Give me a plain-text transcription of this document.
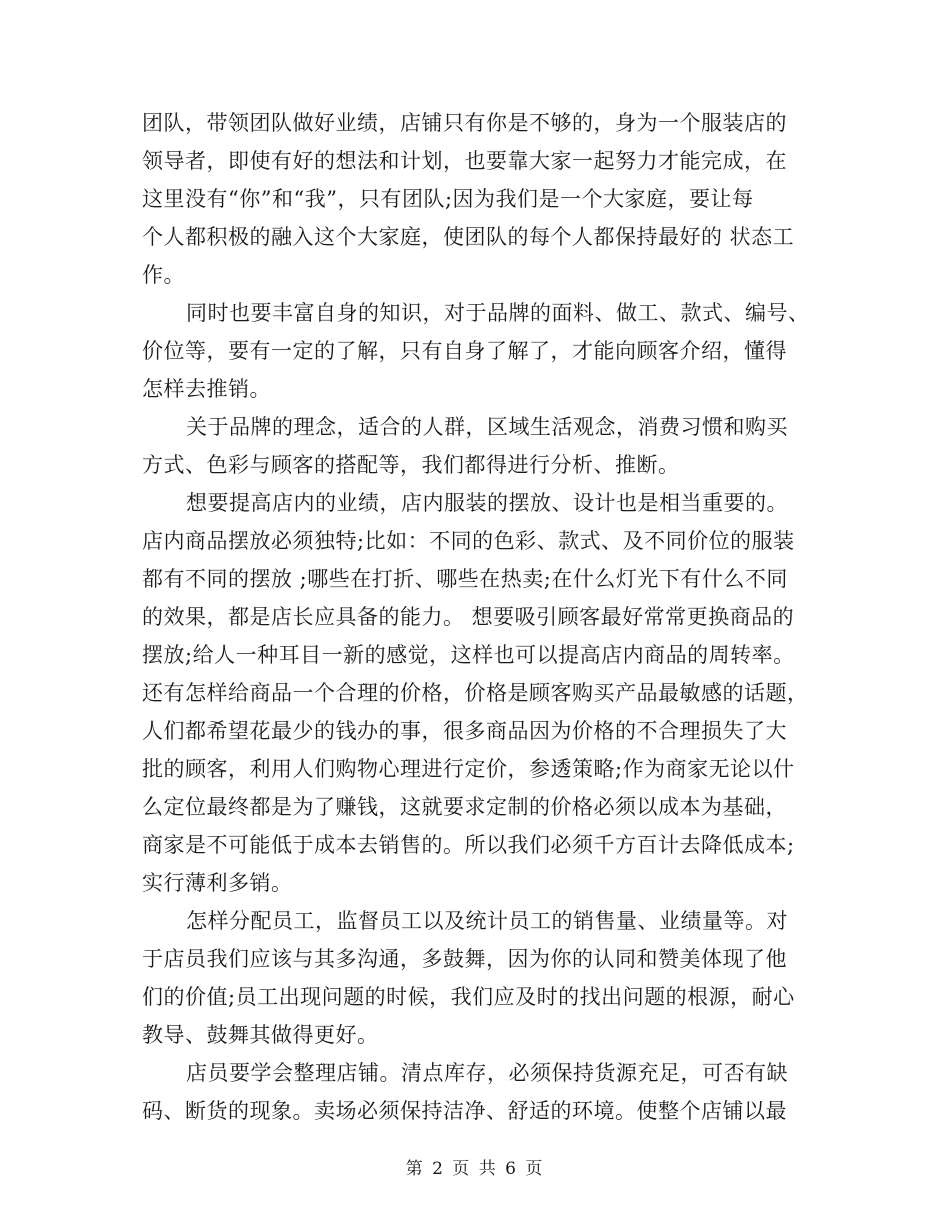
团队，带领团队做好业绩，店铺只有你是不够的，身为一个服装店的
领导者，即使有好的想法和计划，也要靠大家一起努力才能完成，在
这里没有“你”和“我”，只有团队;因为我们是一个大家庭，要让每
个人都积极的融入这个大家庭，使团队的每个人都保持最好的 状态工
作。
同时也要丰富自身的知识，对于品牌的面料、做工、款式、编号、
价位等，要有一定的了解，只有自身了解了，才能向顾客介绍，懂得
怎样去推销。
关于品牌的理念，适合的人群，区域生活观念，消费习惯和购买
方式、色彩与顾客的搭配等，我们都得进行分析、推断。
想要提高店内的业绩，店内服装的摆放、设计也是相当重要的。
店内商品摆放必须独特;比如：不同的色彩、款式、及不同价位的服装
都有不同的摆放 ;哪些在打折、哪些在热卖;在什么灯光下有什么不同
的效果，都是店长应具备的能力。 想要吸引顾客最好常常更换商品的
摆放;给人一种耳目一新的感觉，这样也可以提高店内商品的周转率。
还有怎样给商品一个合理的价格，价格是顾客购买产品最敏感的话题，
人们都希望花最少的钱办的事，很多商品因为价格的不合理损失了大
批的顾客，利用人们购物心理进行定价，参透策略;作为商家无论以什
么定位最终都是为了赚钱，这就要求定制的价格必须以成本为基础，
商家是不可能低于成本去销售的。所以我们必须千方百计去降低成本;
实行薄利多销。
怎样分配员工，监督员工以及统计员工的销售量、业绩量等。对
于店员我们应该与其多沟通，多鼓舞，因为你的认同和赞美体现了他
们的价值;员工出现问题的时候，我们应及时的找出问题的根源，耐心
教导、鼓舞其做得更好。
店员要学会整理店铺。清点库存，必须保持货源充足，可否有缺
码、断货的现象。卖场必须保持洁净、舒适的环境。使整个店铺以最
第 2 页 共 6 页
